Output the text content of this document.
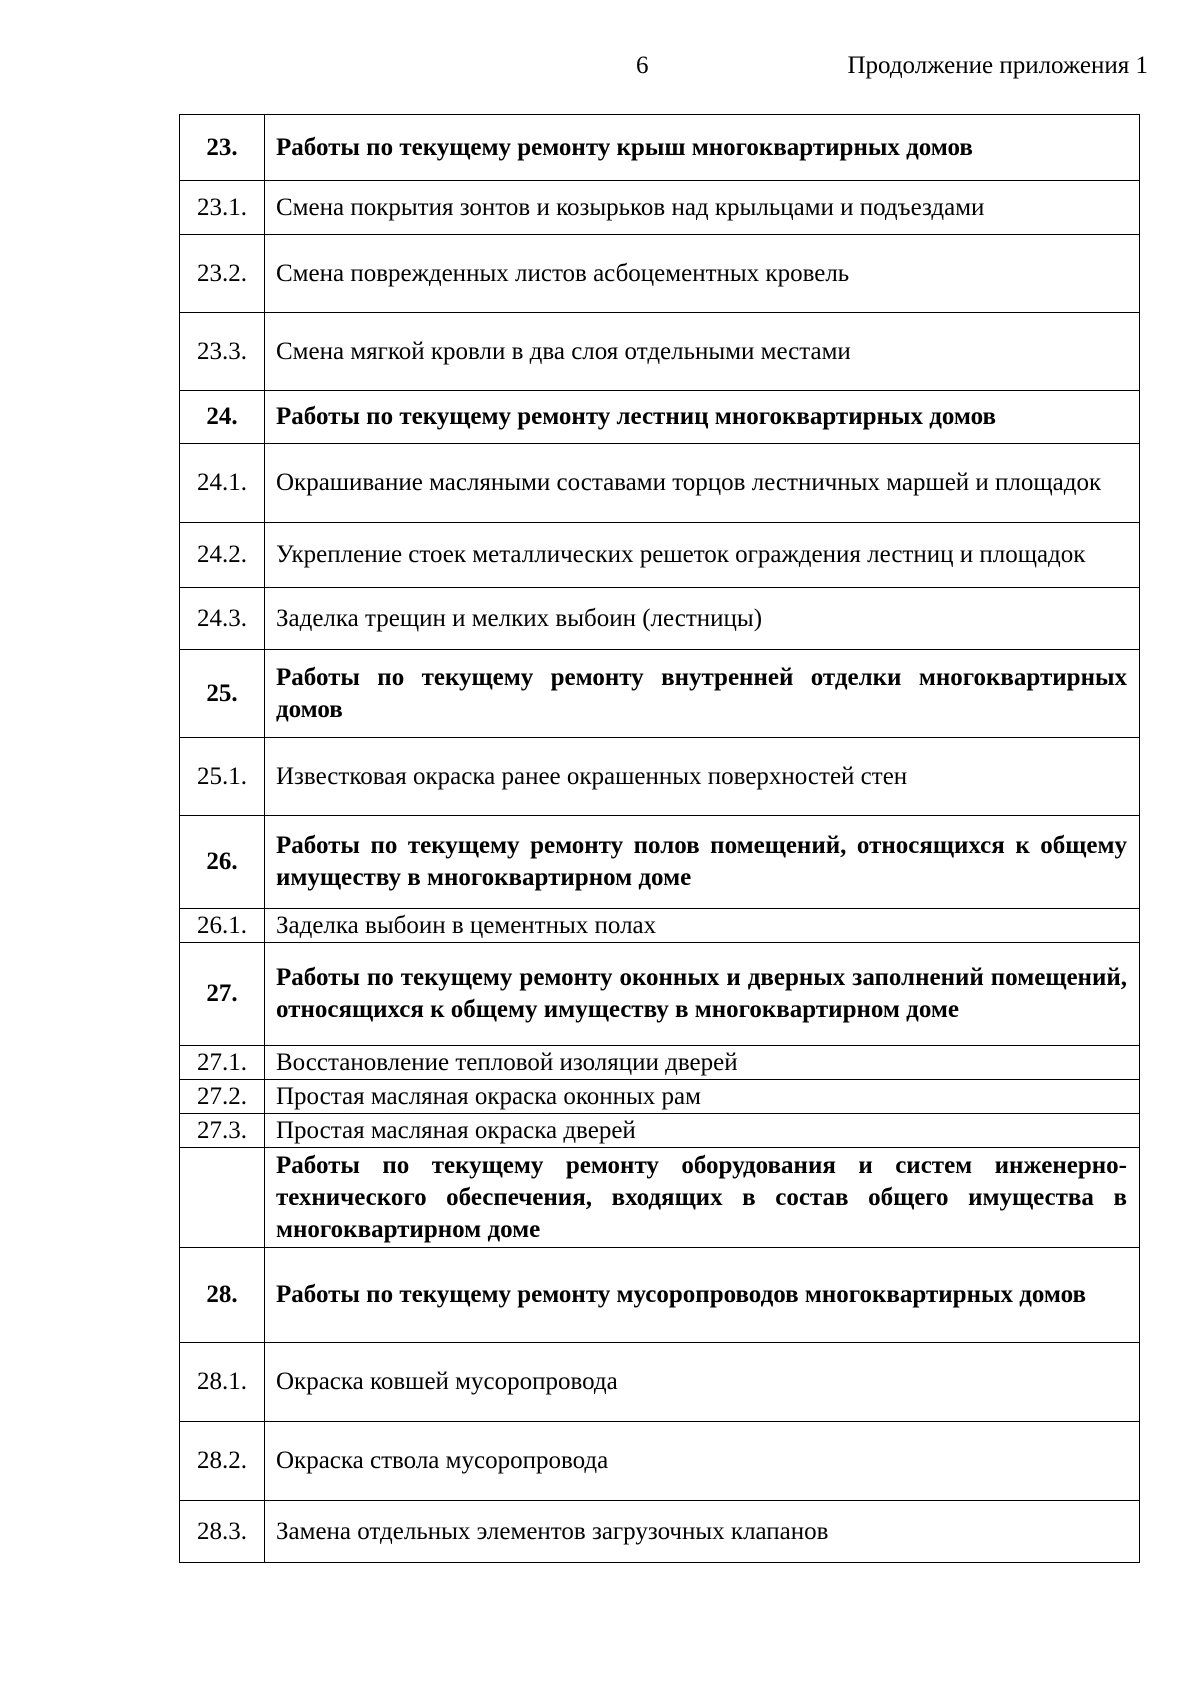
6	Продолжение приложения 1
23.	Работы по текущему ремонту крыш многоквартирных домов
23.1.	Смена покрытия зонтов и козырьков над крыльцами и подъездами
23.2.	Смена поврежденных листов асбоцементных кровель
23.3.	Смена мягкой кровли в два слоя отдельными местами
24.	Работы по текущему ремонту лестниц многоквартирных домов
24.1.	Окрашивание масляными составами торцов лестничных маршей и площадок
24.2.	Укрепление стоек металлических решеток ограждения лестниц и площадок
24.3.	Заделка трещин и мелких выбоин (лестницы)
25.	Работы по текущему ремонту внутренней отделки многоквартирных домов
25.1.	Известковая окраска ранее окрашенных поверхностей стен
26.	Работы по текущему ремонту полов помещений, относящихся к общему имуществу в многоквартирном доме
26.1.	Заделка выбоин в цементных полах
27.	Работы по текущему ремонту оконных и дверных заполнений помещений, относящихся к общему имуществу в многоквартирном доме
27.1.	Восстановление тепловой изоляции дверей
27.2.	Простая масляная окраска оконных рам
27.3.	Простая масляная окраска дверей
	Работы по текущему ремонту оборудования и систем инженерно-технического обеспечения, входящих в состав общего имущества в многоквартирном доме
28.	Работы по текущему ремонту мусоропроводов многоквартирных домов
28.1.	Окраска ковшей мусоропровода
28.2.	Окраска ствола мусоропровода
28.3.	Замена отдельных элементов загрузочных клапанов
